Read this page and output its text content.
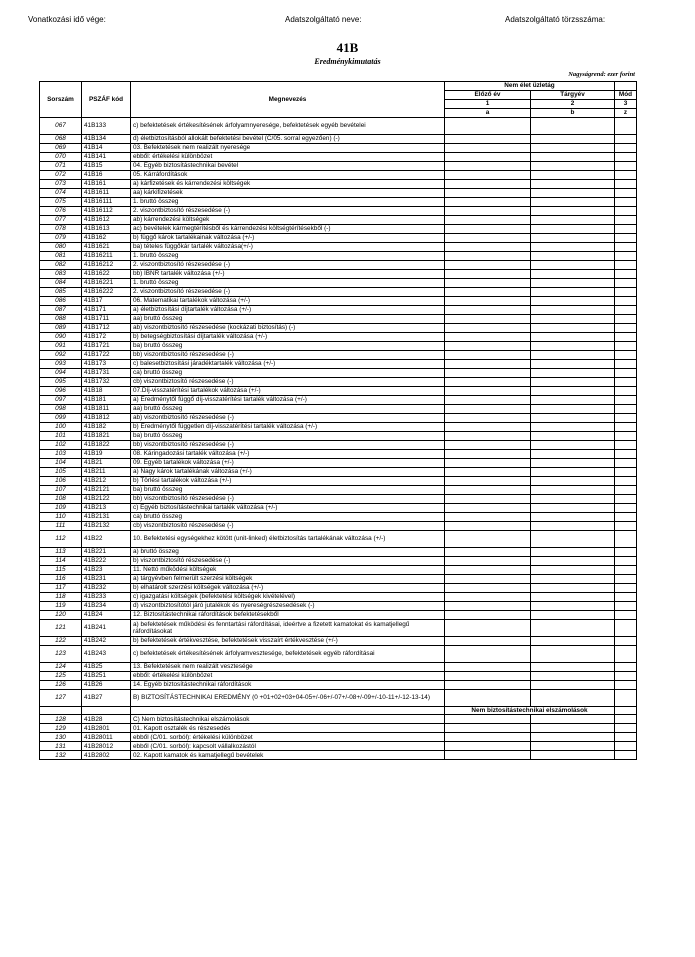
Vonatkozási idő vége:	Adatszolgáltató neve:	Adatszolgáltató törzsszáma:
41B
Eredménykimutatás
Nagyságrend: ezer forint
Sorszám	PSZÁF kód	Megnevezés	Nem élet üzletág		
			Előző év	Tárgyév	Mód
			1	2	3
			a	b	z
067	41B133	c) befektetések értékesítésének árfolyamnyeresége, befektetések egyéb bevételei			
068	41B134	d) életbiztosításból allokált befektetési bevétel (C/05. sorral egyezően) (-)			
069	41B14	03. Befektetések nem realizált nyeresége			
070	41B141	ebből: értékelési különbözet			
071	41B15	04. Egyéb biztosítástechnikai bevétel			
072	41B16	05. Kárráfordítások			
073	41B161	a) kárfizetések és kárrendezési költségek			
074	41B1611	aa) kárkifizetések			
075	41B16111	1. bruttó összeg			
076	41B16112	2. viszontbiztosító részesedése (-)			
077	41B1612	ab) kárrendezési költségek			
078	41B1613	ac) bevételek kármegtérítésből és kárrendezési költségtérítésekből (-)			
079	41B162	b) függő károk tartalékainak változása (+/-)			
080	41B1621	ba) tételes függőkár tartalék változása(+/-)			
081	41B16211	1. bruttó összeg			
082	41B16212	2. viszontbiztosító részesedése (-)			
083	41B1622	bb) IBNR tartalék változása (+/-)			
084	41B16221	1. bruttó összeg			
085	41B16222	2. viszontbiztosító részesedése (-)			
086	41B17	06. Matematikai tartalékok változása (+/-)			
087	41B171	a) életbiztosítási díjtartalék változása (+/-)			
088	41B1711	aa) bruttó összeg			
089	41B1712	ab) viszontbiztosító részesedése (kockázati biztosítás) (-)			
090	41B172	b) betegségbiztosítási díjtartalék változása (+/-)			
091	41B1721	ba) bruttó összeg			
092	41B1722	bb) viszontbiztosító részesedése (-)			
093	41B173	c) balesetbiztosítási járadéktartalék változása (+/-)			
094	41B1731	ca) bruttó összeg			
095	41B1732	cb) viszontbiztosító részesedése (-)			
096	41B18	07.Díj-visszatérítési tartalékok változása (+/-)			
097	41B181	a) Eredménytől függő díj-visszatérítési tartalék változása (+/-)			
098	41B1811	aa) bruttó összeg			
099	41B1812	ab) viszontbiztosító részesedése (-)			
100	41B182	b) Eredménytől független díj-visszatérítési tartalék változása (+/-)			
101	41B1821	ba) bruttó összeg			
102	41B1822	bb) viszontbiztosító részesedése (-)			
103	41B19	08. Káringadozási tartalék változása (+/-)			
104	41B21	09. Egyéb tartalékok változása (+/-)			
105	41B211	a) Nagy károk tartalékának változása (+/-)			
106	41B212	b) Törlési tartalékok változása (+/-)			
107	41B2121	ba) bruttó összeg			
108	41B2122	bb) viszontbiztosító részesedése (-)			
109	41B213	c) Egyéb biztosítástechnikai tartalék változása (+/-)			
110	41B2131	ca) bruttó összeg			
111	41B2132	cb) viszontbiztosító részesedése (-)			
112	41B22	10. Befektetési egységekhez kötött (unit-linked) életbiztosítás tartalékának változása (+/-)			
113	41B221	a) bruttó összeg			
114	41B222	b) viszontbiztosító részesedése (-)			
115	41B23	11. Nettó működési költségek			
116	41B231	a) tárgyévben felmerült szerzési költségek			
117	41B232	b) elhatárolt szerzési költségek változása (+/-)			
118	41B233	c) igazgatási költségek (befektetési költségek kivételével)			
119	41B234	d) viszontbiztosítótól járó jutalékok és nyereségrészesedések (-)			
120	41B24	12. Biztosítástechnikai ráfordítások befektetésekből			
121	41B241	a) befektetések működési és fenntartási ráfordításai, ideértve a fizetett kamatokat és kamatjellegű ráfordításokat			
122	41B242	b) befektetések értékvesztése, befektetések visszaírt értékvesztése (+/-)			
123	41B243	c) befektetések értékesítésének árfolyamvesztesége, befektetések egyéb ráfordításai			
124	41B25	13. Befektetések nem realizált vesztesége			
125	41B251	ebből: értékelési különbözet			
126	41B26	14. Egyéb biztosítástechnikai ráfordítások			
127	41B27	B) BIZTOSÍTÁSTECHNIKAI EREDMÉNY (0 +01+02+03+04-05+/-06+/-07+/-08+/-09+/-10-11+/-12-13-14)			
			Nem biztosítástechnikai elszámolások		
128	41B28	C) Nem biztosítástechnikai elszámolások			
129	41B2801	01. Kapott osztalék és részesedés			
130	41B28011	ebből (C/01. sorból): értékelési különbözet			
131	41B28012	ebből (C/01. sorból): kapcsolt vállalkozástól			
132	41B2802	02. Kapott kamatok és kamatjellegű bevételek			
